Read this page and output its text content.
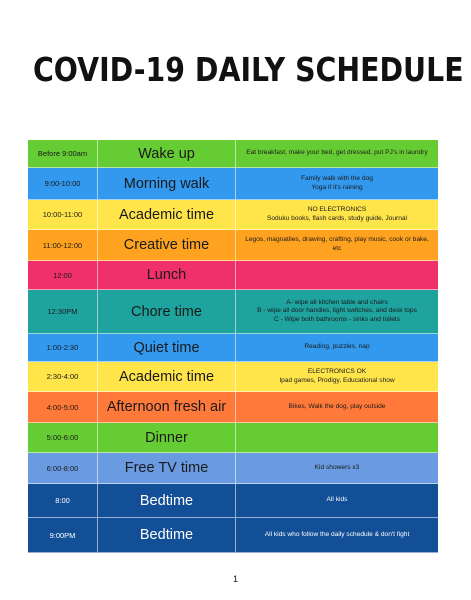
COVID-19 DAILY SCHEDULE
Before 9:00am	Wake up	Eat breakfast, make your bed, get dressed, put PJ's in laundry
9:00-10:00	Morning walk	Family walk with the dog
Yoga if it's raining
10:00-11:00	Academic time	NO ELECTRONICS
Soduku books, flash cards, study guide, Journal
11:00-12:00	Creative time	Legos, magnatiles, drawing, crafting, play music, cook or bake, etc
12:00	Lunch
12:30PM	Chore time
A- wipe all kitchen table and chairs
B - wipe all door handles, light switches, and desk tops
C - Wipe both bathrooms - sinks and toilets
1:00-2:30	Quiet time	Reading, puzzles, nap
2:30-4:00	Academic time	ELECTRONICS OK
Ipad games, Prodigy, Educational show
4:00-5:00	Afternoon fresh air	Bikes, Walk the dog, play outside
5:00-6:00	Dinner
6:00-8:00	Free TV time	Kid showers x3
8:00	Bedtime	All kids
9:00PM	Bedtime	All kids who follow the daily schedule & don't fight
1
